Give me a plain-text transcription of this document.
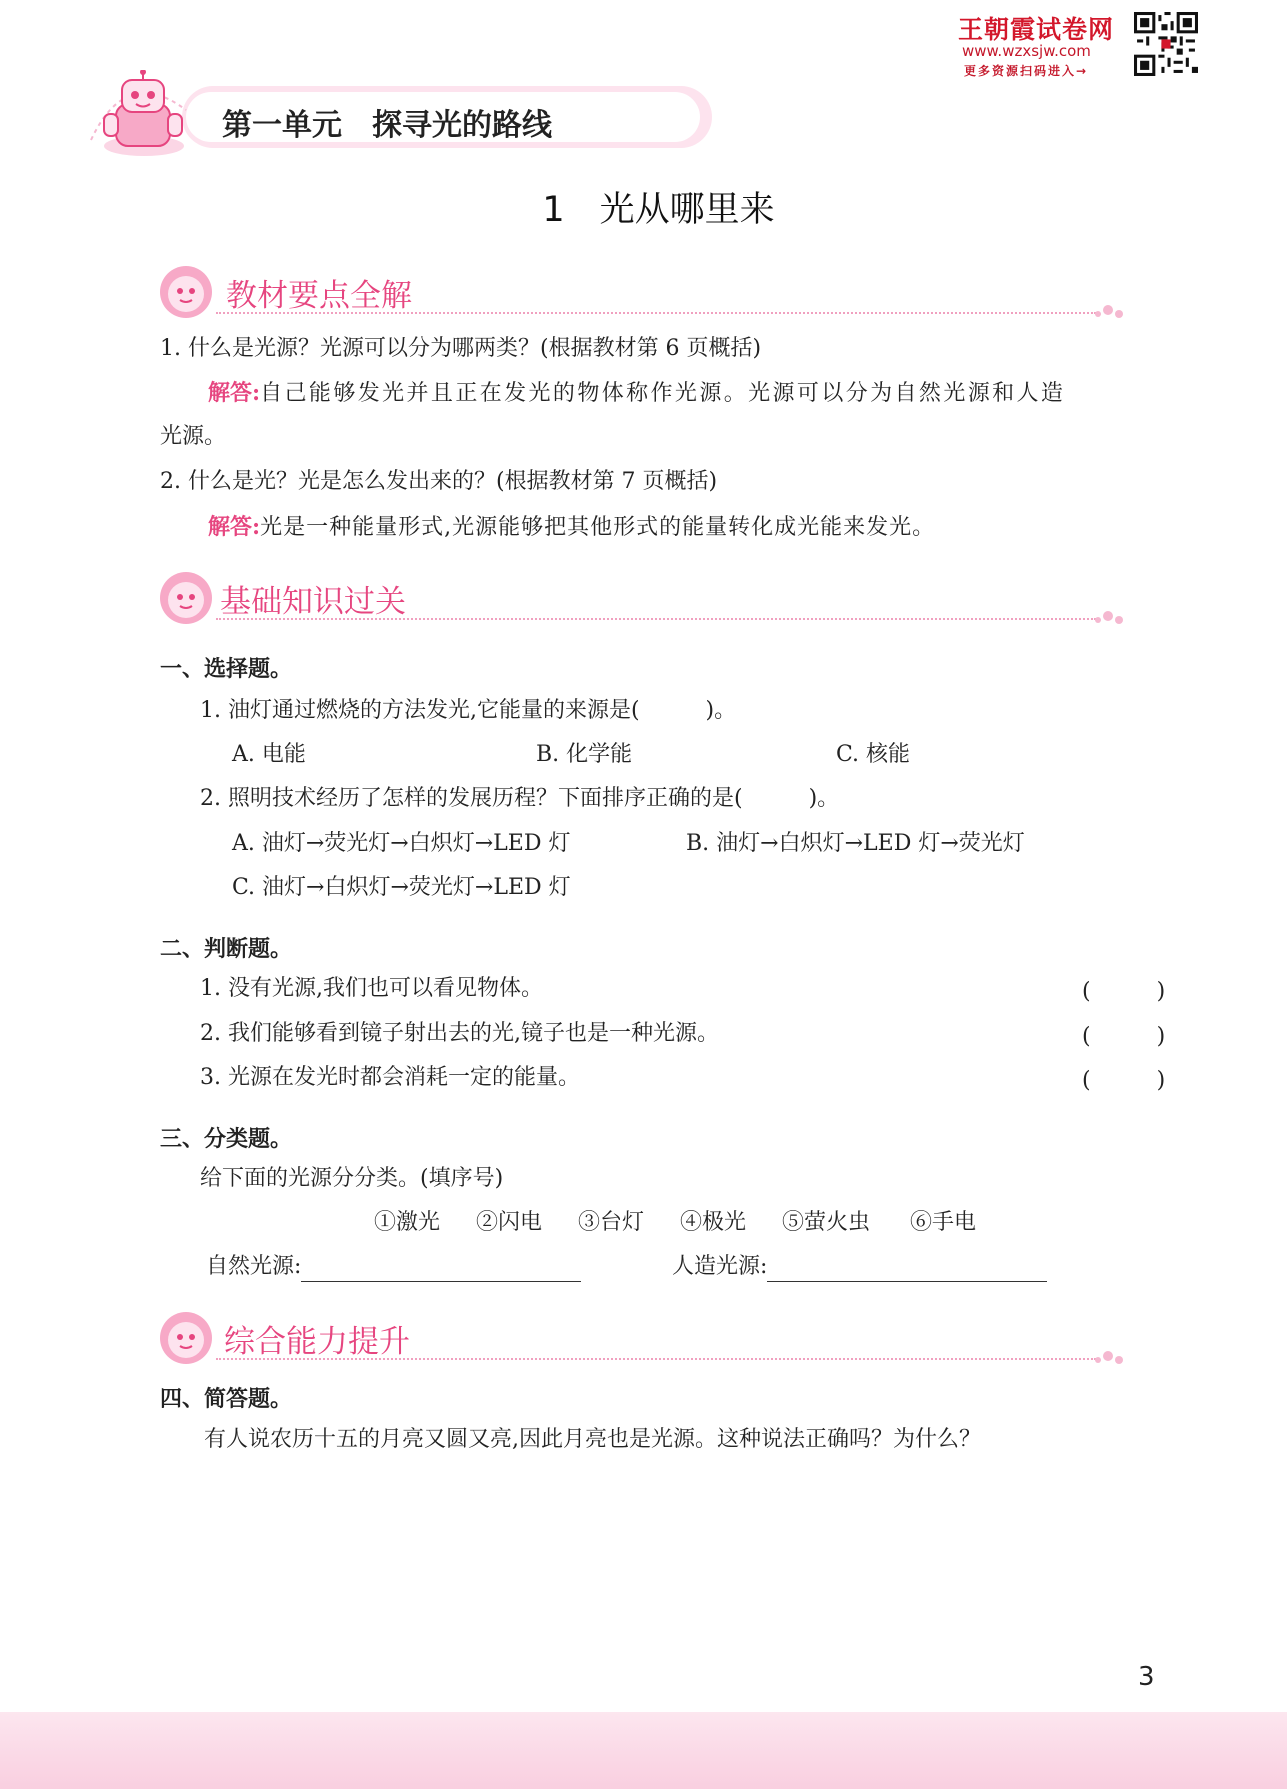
王朝霞试卷网
www.wzxsjw.com
更多资源扫码进入→
第一单元　探寻光的路线
1　光从哪里来
教材要点全解
1. 什么是光源？光源可以分为哪两类？(根据教材第 6 页概括)
解答:自己能够发光并且正在发光的物体称作光源。光源可以分为自然光源和人造
光源。
2. 什么是光？光是怎么发出来的？(根据教材第 7 页概括)
解答:光是一种能量形式,光源能够把其他形式的能量转化成光能来发光。
基础知识过关
一、选择题。
1. 油灯通过燃烧的方法发光,它能量的来源是(　　　)。
A. 电能	B. 化学能	C. 核能
2. 照明技术经历了怎样的发展历程？下面排序正确的是(　　　)。
A. 油灯→荧光灯→白炽灯→LED 灯	B. 油灯→白炽灯→LED 灯→荧光灯
C. 油灯→白炽灯→荧光灯→LED 灯
二、判断题。
1. 没有光源,我们也可以看见物体。	(　　　)
2. 我们能够看到镜子射出去的光,镜子也是一种光源。	(　　　)
3. 光源在发光时都会消耗一定的能量。	(　　　)
三、分类题。
给下面的光源分分类。(填序号)
①激光 ②闪电 ③台灯 ④极光 ⑤萤火虫 ⑥手电
自然光源:	人造光源:
综合能力提升
四、简答题。
有人说农历十五的月亮又圆又亮,因此月亮也是光源。这种说法正确吗？为什么？
3
